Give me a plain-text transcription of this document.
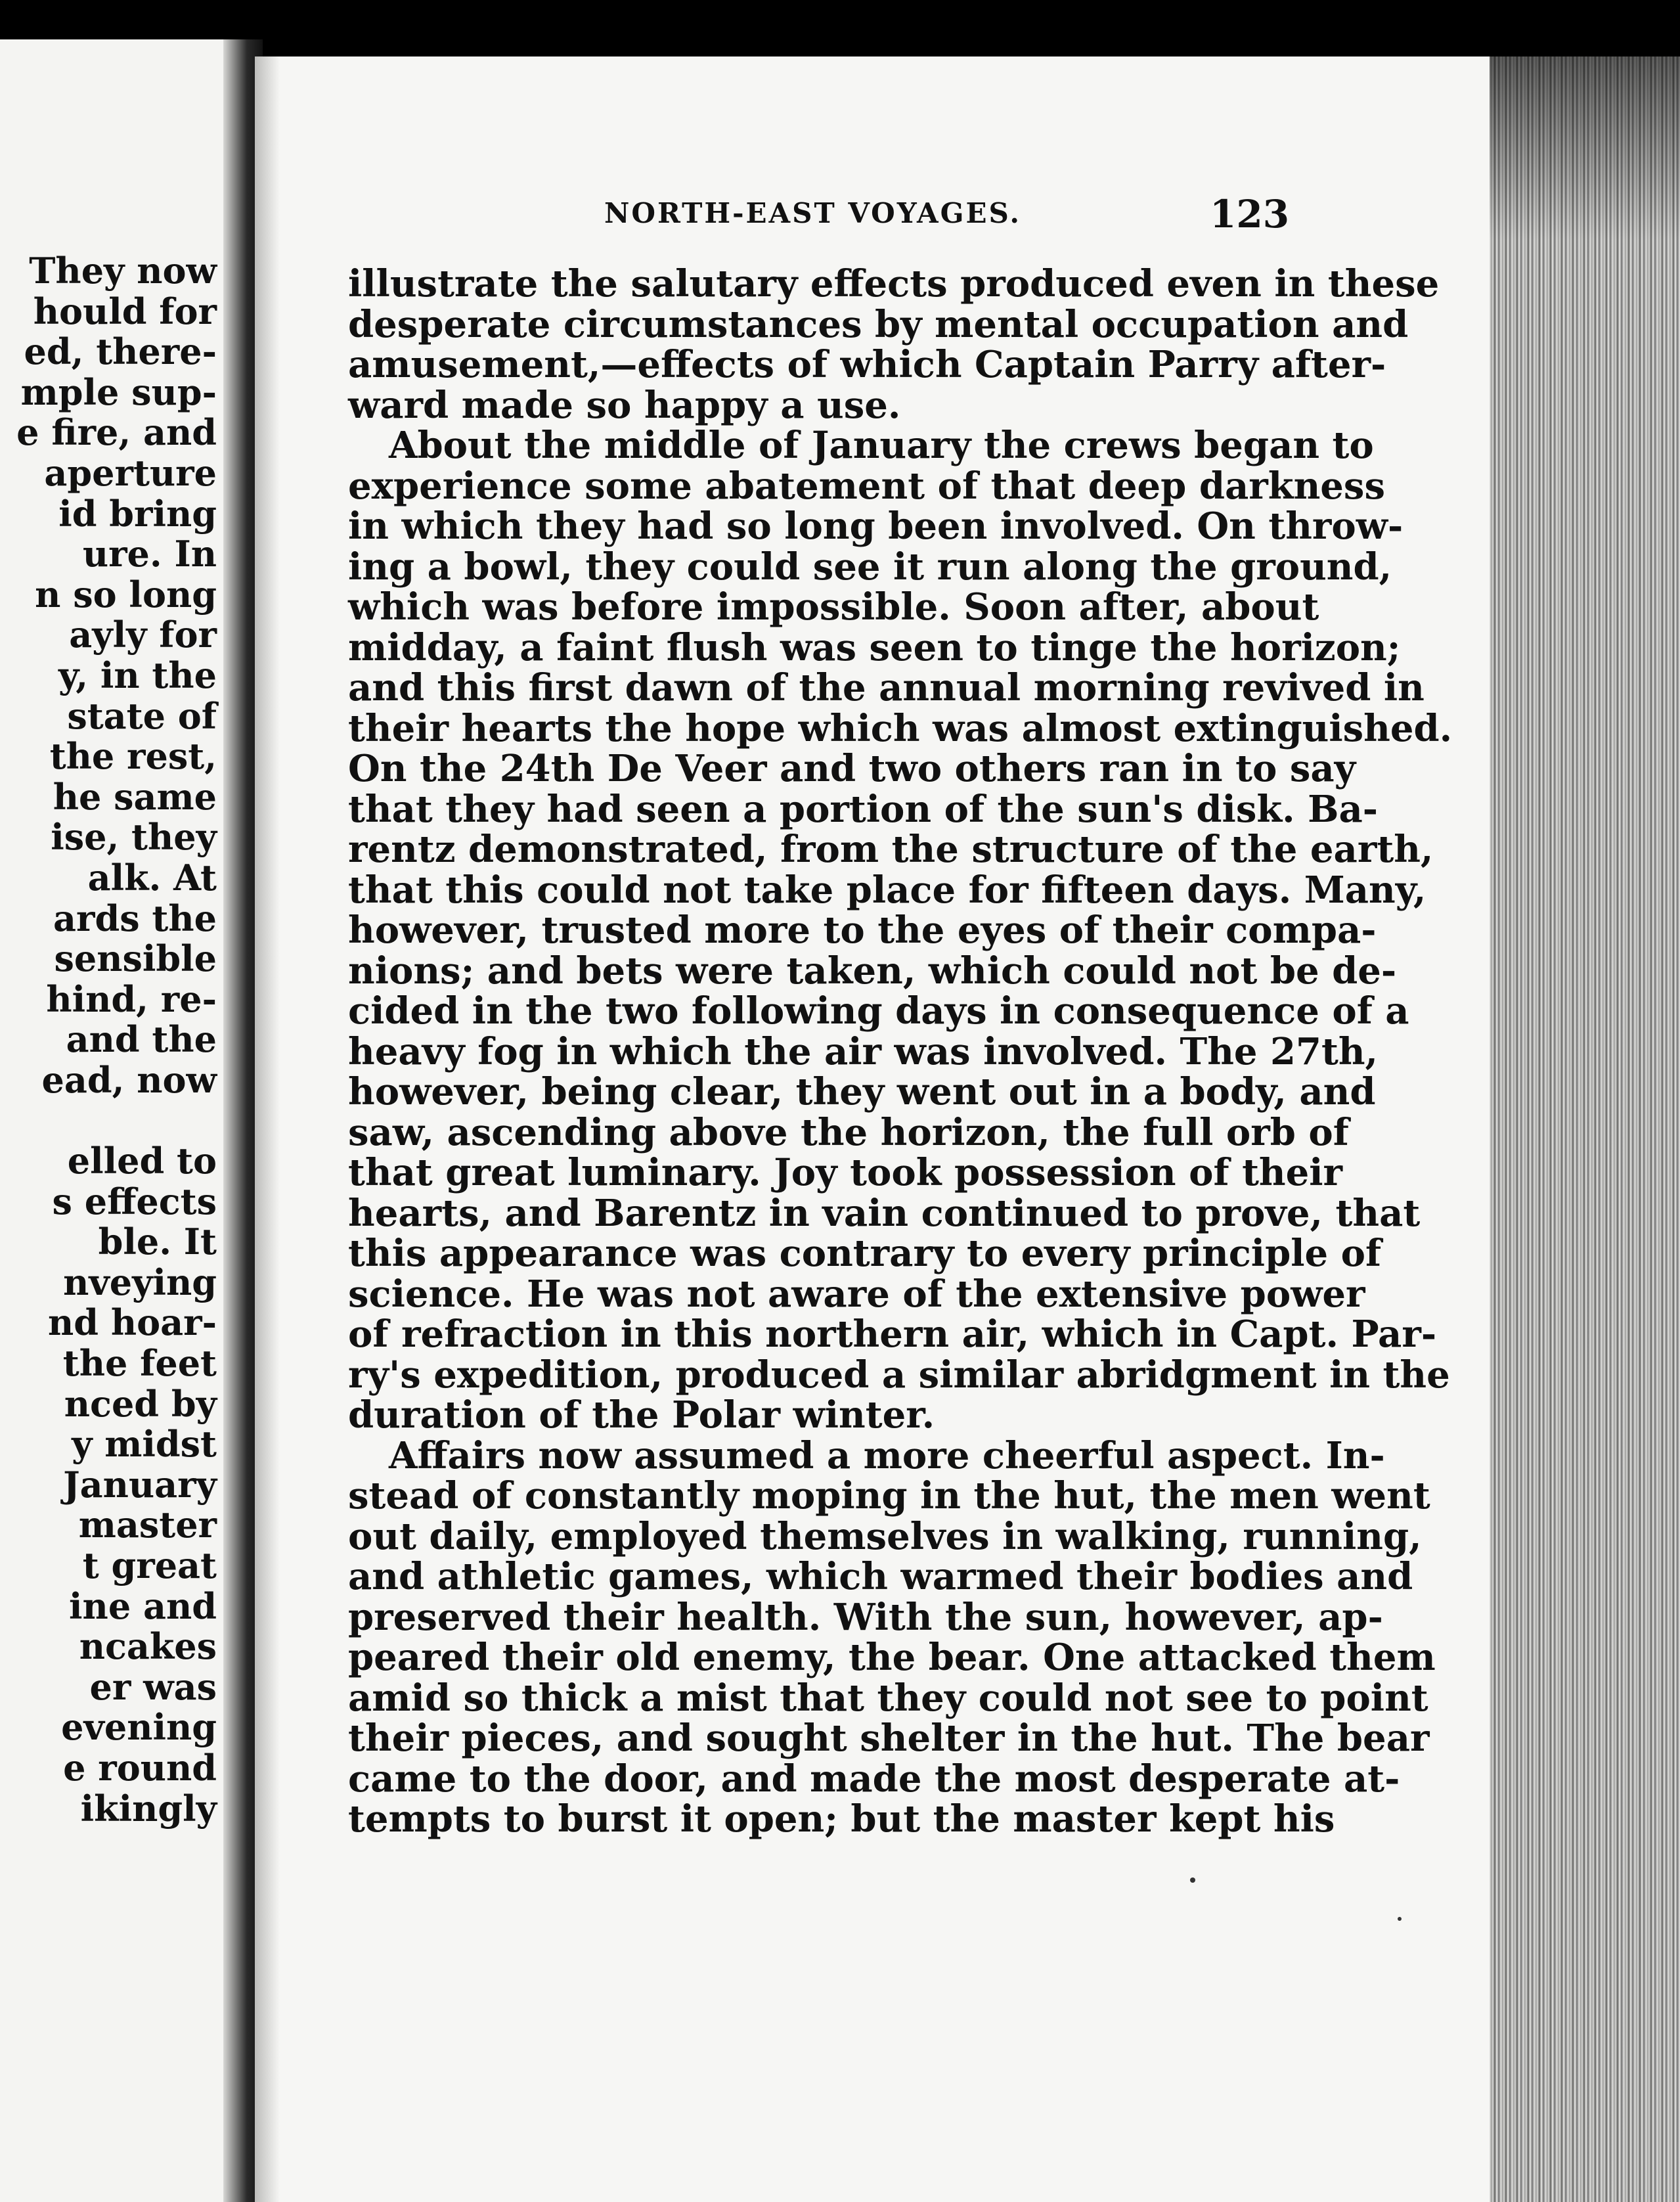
They now
hould for
ed, there-
mple sup-
e fire, and
aperture
id bring
ure. In
n so long
ayly for
y, in the
state of
the rest,
he same
ise, they
alk. At
ards the
sensible
hind, re-
and the
ead, now
elled to
s effects
ble. It
nveying
nd hoar-
the feet
nced by
y midst
January
master
t great
ine and
ncakes
er was
evening
e round
ikingly
NORTH-EAST VOYAGES.	123
illustrate the salutary effects produced even in these
desperate circumstances by mental occupation and
amusement,—effects of which Captain Parry after-
ward made so happy a use.
About the middle of January the crews began to
experience some abatement of that deep darkness
in which they had so long been involved. On throw-
ing a bowl, they could see it run along the ground,
which was before impossible. Soon after, about
midday, a faint flush was seen to tinge the horizon;
and this first dawn of the annual morning revived in
their hearts the hope which was almost extinguished.
On the 24th De Veer and two others ran in to say
that they had seen a portion of the sun's disk. Ba-
rentz demonstrated, from the structure of the earth,
that this could not take place for fifteen days. Many,
however, trusted more to the eyes of their compa-
nions; and bets were taken, which could not be de-
cided in the two following days in consequence of a
heavy fog in which the air was involved. The 27th,
however, being clear, they went out in a body, and
saw, ascending above the horizon, the full orb of
that great luminary. Joy took possession of their
hearts, and Barentz in vain continued to prove, that
this appearance was contrary to every principle of
science. He was not aware of the extensive power
of refraction in this northern air, which in Capt. Par-
ry's expedition, produced a similar abridgment in the
duration of the Polar winter.
Affairs now assumed a more cheerful aspect. In-
stead of constantly moping in the hut, the men went
out daily, employed themselves in walking, running,
and athletic games, which warmed their bodies and
preserved their health. With the sun, however, ap-
peared their old enemy, the bear. One attacked them
amid so thick a mist that they could not see to point
their pieces, and sought shelter in the hut. The bear
came to the door, and made the most desperate at-
tempts to burst it open; but the master kept his
